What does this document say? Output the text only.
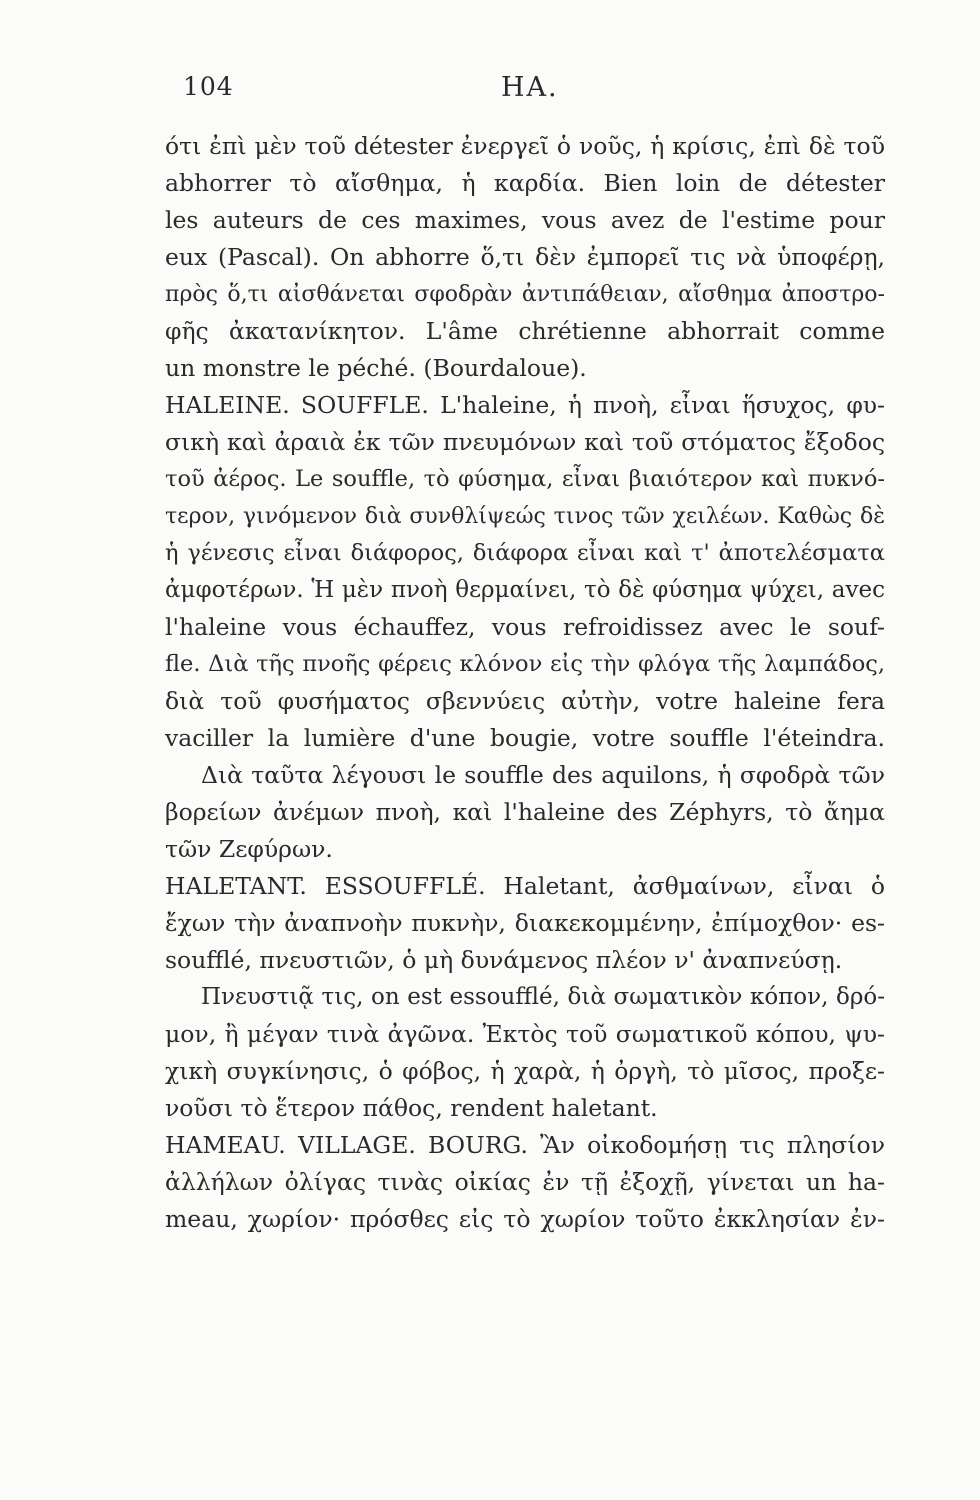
104	HA.
ότι ἐπὶ μὲν τοῦ détester ἐνεργεῖ ὁ νοῦς, ἡ κρίσις, ἐπὶ δὲ τοῦ
abhorrer τὸ αἴσθημα, ἡ καρδία. Bien loin de détester
les auteurs de ces maximes, vous avez de l'estime pour
eux (Pascal). On abhorre ὅ,τι δὲν ἐμπορεῖ τις νὰ ὑποφέρῃ,
πρὸς ὅ,τι αἰσθάνεται σφοδρὰν ἀντιπάθειαν, αἴσθημα ἀποστρο-
φῆς ἀκατανίκητον. L'âme chrétienne abhorrait comme
un monstre le péché. (Bourdaloue).
HALEINE. SOUFFLE. L'haleine, ἡ πνοὴ, εἶναι ἥσυχος, φυ-
σικὴ καὶ ἀραιὰ ἐκ τῶν πνευμόνων καὶ τοῦ στόματος ἔξοδος
τοῦ ἀέρος. Le souffle, τὸ φύσημα, εἶναι βιαιότερον καὶ πυκνό-
τερον, γινόμενον διὰ συνθλίψεώς τινος τῶν χειλέων. Καθὼς δὲ
ἡ γένεσις εἶναι διάφορος, διάφορα εἶναι καὶ τ' ἀποτελέσματα
ἀμφοτέρων. Ἡ μὲν πνοὴ θερμαίνει, τὸ δὲ φύσημα ψύχει, avec
l'haleine vous échauffez, vous refroidissez avec le souf-
fle. Διὰ τῆς πνοῆς φέρεις κλόνον εἰς τὴν φλόγα τῆς λαμπάδος,
διὰ τοῦ φυσήματος σβεννύεις αὐτὴν, votre haleine fera
vaciller la lumière d'une bougie, votre souffle l'éteindra.
Διὰ ταῦτα λέγουσι le souffle des aquilons, ἡ σφοδρὰ τῶν
βορείων ἀνέμων πνοὴ, καὶ l'haleine des Zéphyrs, τὸ ἄημα
τῶν Ζεφύρων.
HALETANT. ESSOUFFLÉ. Haletant, ἀσθμαίνων, εἶναι ὁ
ἔχων τὴν ἀναπνοὴν πυκνὴν, διακεκομμένην, ἐπίμοχθον· es-
soufflé, πνευστιῶν, ὁ μὴ δυνάμενος πλέον ν' ἀναπνεύσῃ.
Πνευστιᾷ τις, on est essoufflé, διὰ σωματικὸν κόπον, δρό-
μον, ἢ μέγαν τινὰ ἀγῶνα. Ἐκτὸς τοῦ σωματικοῦ κόπου, ψυ-
χικὴ συγκίνησις, ὁ φόβος, ἡ χαρὰ, ἡ ὀργὴ, τὸ μῖσος, προξε-
νοῦσι τὸ ἕτερον πάθος, rendent haletant.
HAMEAU. VILLAGE. BOURG. Ἂν οἰκοδομήσῃ τις πλησίον
ἀλλήλων ὀλίγας τινὰς οἰκίας ἐν τῇ ἐξοχῇ, γίνεται un ha-
meau, χωρίον· πρόσθες εἰς τὸ χωρίον τοῦτο ἐκκλησίαν ἐν-
